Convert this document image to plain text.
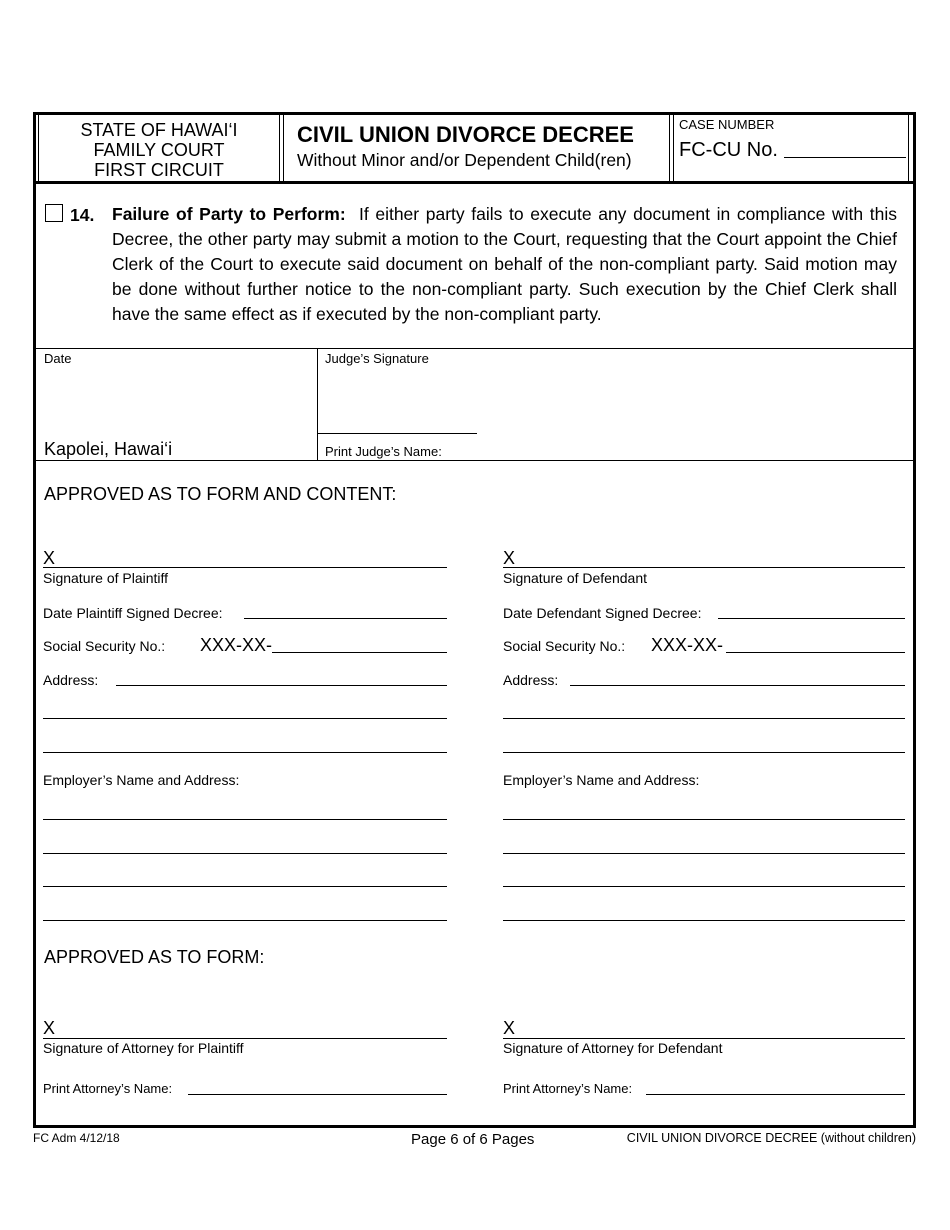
STATE OF HAWAI‘I
FAMILY COURT
FIRST CIRCUIT
CIVIL UNION DIVORCE DECREE
Without Minor and/or Dependent Child(ren)
CASE NUMBER
FC-CU No.
14. Failure of Party to Perform: If either party fails to execute any document in compliance with this Decree, the other party may submit a motion to the Court, requesting that the Court appoint the Chief Clerk of the Court to execute said document on behalf of the non-compliant party. Said motion may be done without further notice to the non-compliant party. Such execution by the Chief Clerk shall have the same effect as if executed by the non-compliant party.
Date	Judge’s Signature
Kapolei, Hawai‘i	Print Judge’s Name:
APPROVED AS TO FORM AND CONTENT:
X
Signature of Plaintiff
Date Plaintiff Signed Decree:
Social Security No.: XXX-XX-
Address:
Employer’s Name and Address:
X
Signature of Defendant
Date Defendant Signed Decree:
Social Security No.: XXX-XX-
Address:
Employer’s Name and Address:
APPROVED AS TO FORM:
X
Signature of Attorney for Plaintiff
Print Attorney’s Name:
X
Signature of Attorney for Defendant
Print Attorney’s Name:
FC Adm 4/12/18	Page 6 of 6 Pages	CIVIL UNION DIVORCE DECREE (without children)
